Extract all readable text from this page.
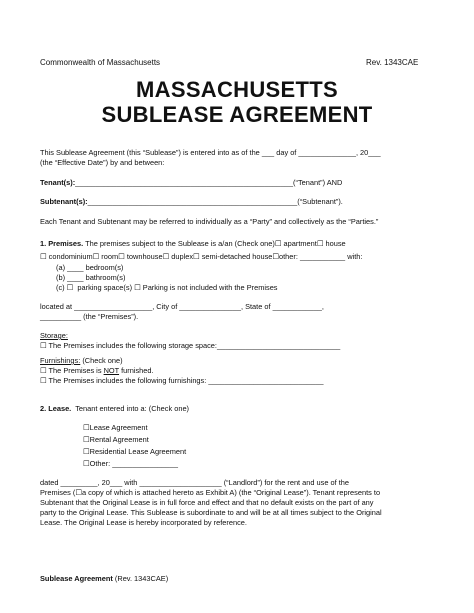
Commonwealth of Massachusetts	Rev. 1343CAE
MASSACHUSETTS
SUBLEASE AGREEMENT
This Sublease Agreement (this “Sublease”) is entered into as of the ___ day of ______________, 20___
(the “Effective Date”) by and between:
Tenant(s):_____________________________________________________(“Tenant”) AND
Subtenant(s):___________________________________________________(“Subtenant”).
Each Tenant and Subtenant may be referred to individually as a “Party” and collectively as the “Parties.”
1. Premises. The premises subject to the Sublease is a/an (Check one)☐ apartment☐ house
☐ condominium☐ room☐ townhouse☐ duplex☐ semi-detached house☐other: ___________ with:
(a) ____ bedroom(s)
(b) ____ bathroom(s)
(c) ☐  parking space(s) ☐ Parking is not included with the Premises
located at ___________________, City of _______________, State of ____________,
__________ (the “Premises”).
Storage:
☐ The Premises includes the following storage space:______________________________
Furnishings: (Check one)
☐ The Premises is NOT furnished.
☐ The Premises includes the following furnishings: ____________________________
2. Lease.  Tenant entered into a: (Check one)
☐Lease Agreement
☐Rental Agreement
☐Residential Lease Agreement
☐Other: ________________
dated _________, 20___ with ____________________ (“Landlord”) for the rent and use of the
Premises (☐a copy of which is attached hereto as Exhibit A) (the “Original Lease”). Tenant represents to
Subtenant that the Original Lease is in full force and effect and that no default exists on the part of any
party to the Original Lease. This Sublease is subordinate to and will be at all times subject to the Original
Lease. The Original Lease is hereby incorporated by reference.
Sublease Agreement (Rev. 1343CAE)
